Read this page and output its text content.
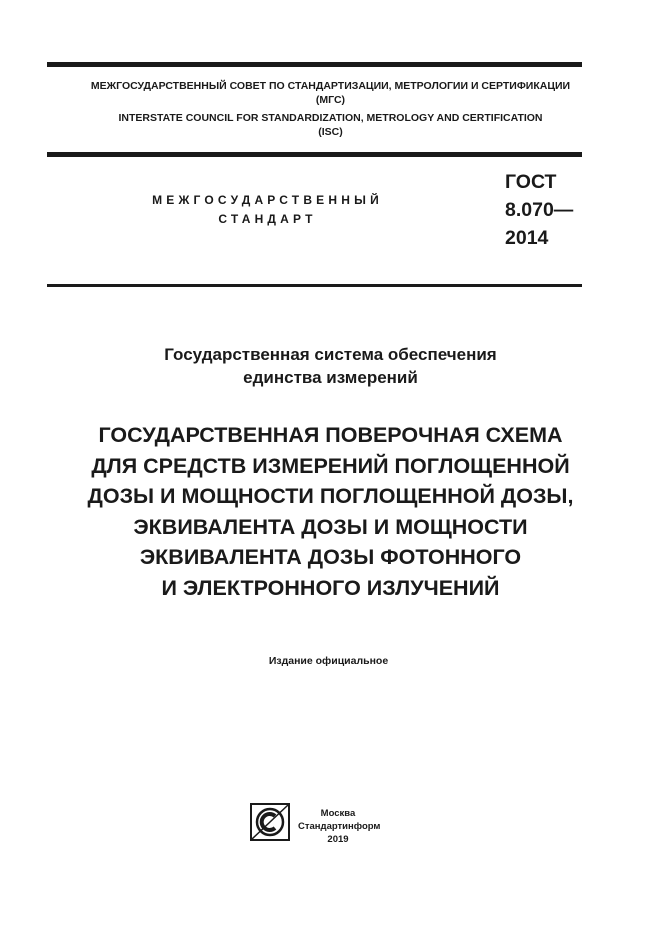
МЕЖГОСУДАРСТВЕННЫЙ СОВЕТ ПО СТАНДАРТИЗАЦИИ, МЕТРОЛОГИИ И СЕРТИФИКАЦИИ
(МГС)
INTERSTATE COUNCIL FOR STANDARDIZATION, METROLOGY AND CERTIFICATION
(ISC)
МЕЖГОСУДАРСТВЕННЫЙ
СТАНДАРТ
ГОСТ
8.070—
2014
Государственная система обеспечения
единства измерений
ГОСУДАРСТВЕННАЯ ПОВЕРОЧНАЯ СХЕМА
ДЛЯ СРЕДСТВ ИЗМЕРЕНИЙ ПОГЛОЩЕННОЙ
ДОЗЫ И МОЩНОСТИ ПОГЛОЩЕННОЙ ДОЗЫ,
ЭКВИВАЛЕНТА ДОЗЫ И МОЩНОСТИ
ЭКВИВАЛЕНТА ДОЗЫ ФОТОННОГО
И ЭЛЕКТРОННОГО ИЗЛУЧЕНИЙ
Издание официальное
Москва
Стандартинформ
2019
